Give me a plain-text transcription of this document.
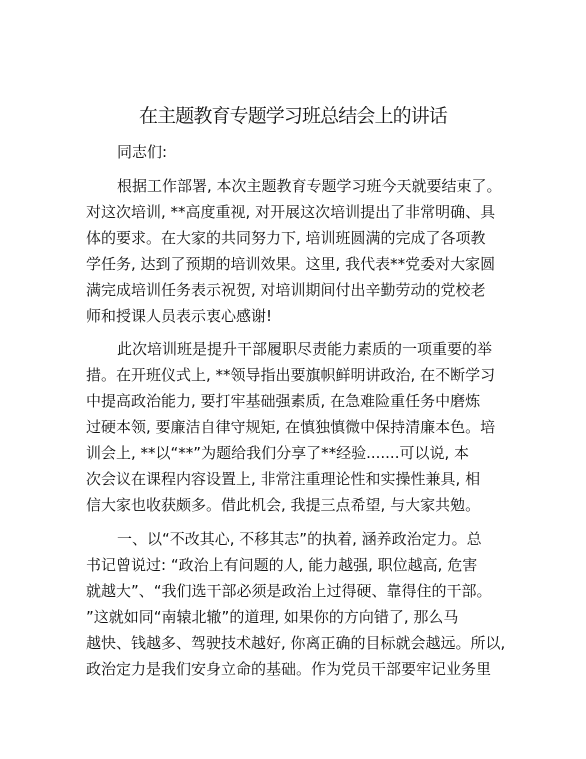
在主题教育专题学习班总结会上的讲话
同志们:
根据工作部署, 本次主题教育专题学习班今天就要结束了。
对这次培训, **高度重视, 对开展这次培训提出了非常明确、具
体的要求。在大家的共同努力下, 培训班圆满的完成了各项教
学任务, 达到了预期的培训效果。这里, 我代表**党委对大家圆
满完成培训任务表示祝贺, 对培训期间付出辛勤劳动的党校老
师和授课人员表示衷心感谢!
此次培训班是提升干部履职尽责能力素质的一项重要的举
措。在开班仪式上, **领导指出要旗帜鲜明讲政治, 在不断学习
中提高政治能力, 要打牢基础强素质, 在急难险重任务中磨炼
过硬本领, 要廉洁自律守规矩, 在慎独慎微中保持清廉本色。培
训会上, **以“**”为题给我们分享了**经验.......可以说, 本
次会议在课程内容设置上, 非常注重理论性和实操性兼具, 相
信大家也收获颇多。借此机会, 我提三点希望, 与大家共勉。
一、以“不改其心, 不移其志”的执着, 涵养政治定力。总
书记曾说过: “政治上有问题的人, 能力越强, 职位越高, 危害
就越大”、“我们选干部必须是政治上过得硬、靠得住的干部。
”这就如同“南辕北辙”的道理, 如果你的方向错了, 那么马
越快、钱越多、驾驶技术越好, 你离正确的目标就会越远。所以,
政治定力是我们安身立命的基础。作为党员干部要牢记业务里
